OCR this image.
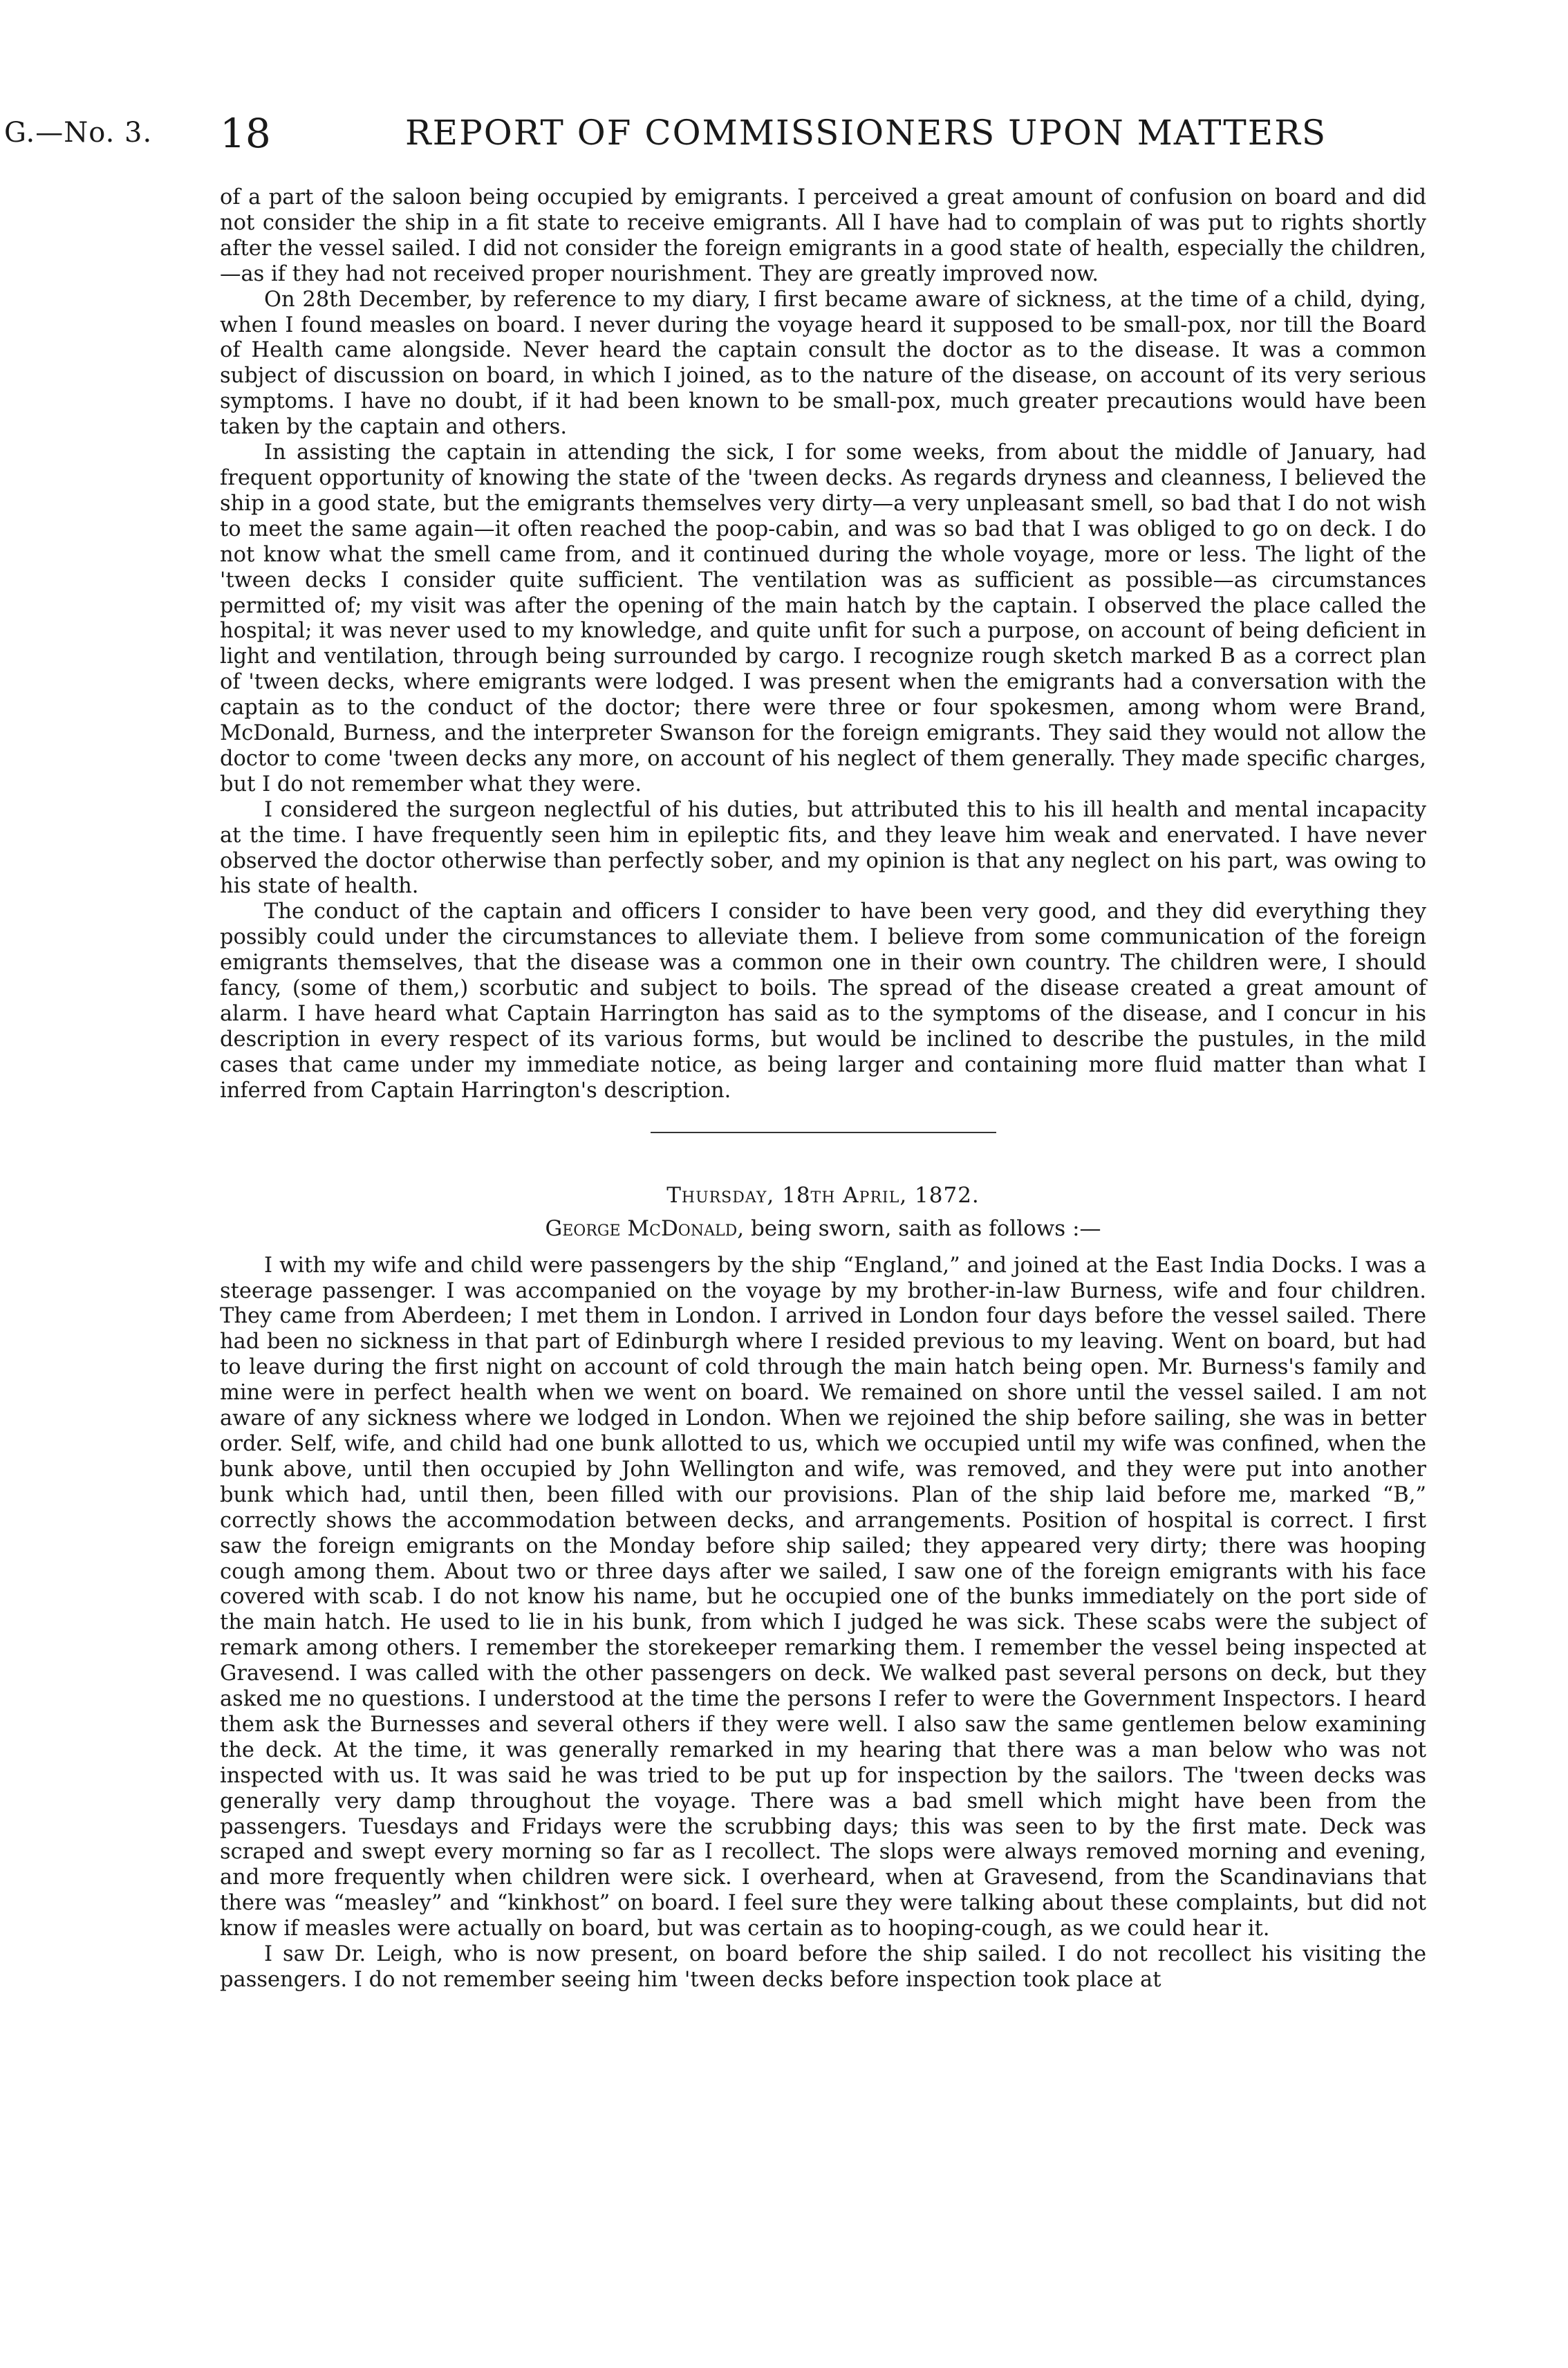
G.—No. 3. 18	REPORT OF COMMISSIONERS UPON MATTERS

of a part of the saloon being occupied by emigrants. I perceived a great amount of confusion on board and did not consider the ship in a fit state to receive emigrants. All I have had to complain of was put to rights shortly after the vessel sailed. I did not consider the foreign emigrants in a good state of health, especially the children,—as if they had not received proper nourishment. They are greatly improved now.

On 28th December, by reference to my diary, I first became aware of sickness, at the time of a child, dying, when I found measles on board. I never during the voyage heard it supposed to be small-pox, nor till the Board of Health came alongside. Never heard the captain consult the doctor as to the disease. It was a common subject of discussion on board, in which I joined, as to the nature of the disease, on account of its very serious symptoms. I have no doubt, if it had been known to be small-pox, much greater precautions would have been taken by the captain and others.

In assisting the captain in attending the sick, I for some weeks, from about the middle of January, had frequent opportunity of knowing the state of the 'tween decks. As regards dryness and cleanness, I believed the ship in a good state, but the emigrants themselves very dirty—a very unpleasant smell, so bad that I do not wish to meet the same again—it often reached the poop-cabin, and was so bad that I was obliged to go on deck. I do not know what the smell came from, and it continued during the whole voyage, more or less. The light of the 'tween decks I consider quite sufficient. The ventilation was as sufficient as possible—as circumstances permitted of; my visit was after the opening of the main hatch by the captain. I observed the place called the hospital; it was never used to my knowledge, and quite unfit for such a purpose, on account of being deficient in light and ventilation, through being surrounded by cargo. I recognize rough sketch marked B as a correct plan of 'tween decks, where emigrants were lodged. I was present when the emigrants had a conversation with the captain as to the conduct of the doctor; there were three or four spokesmen, among whom were Brand, McDonald, Burness, and the interpreter Swanson for the foreign emigrants. They said they would not allow the doctor to come 'tween decks any more, on account of his neglect of them generally. They made specific charges, but I do not remember what they were.

I considered the surgeon neglectful of his duties, but attributed this to his ill health and mental incapacity at the time. I have frequently seen him in epileptic fits, and they leave him weak and enervated. I have never observed the doctor otherwise than perfectly sober, and my opinion is that any neglect on his part, was owing to his state of health.

The conduct of the captain and officers I consider to have been very good, and they did everything they possibly could under the circumstances to alleviate them. I believe from some communication of the foreign emigrants themselves, that the disease was a common one in their own country. The children were, I should fancy, (some of them,) scorbutic and subject to boils. The spread of the disease created a great amount of alarm. I have heard what Captain Harrington has said as to the symptoms of the disease, and I concur in his description in every respect of its various forms, but would be inclined to describe the pustules, in the mild cases that came under my immediate notice, as being larger and containing more fluid matter than what I inferred from Captain Harrington's description.

Thursday, 18th April, 1872.

George McDonald, being sworn, saith as follows :—

I with my wife and child were passengers by the ship “England,” and joined at the East India Docks. I was a steerage passenger. I was accompanied on the voyage by my brother-in-law Burness, wife and four children. They came from Aberdeen; I met them in London. I arrived in London four days before the vessel sailed. There had been no sickness in that part of Edinburgh where I resided previous to my leaving. Went on board, but had to leave during the first night on account of cold through the main hatch being open. Mr. Burness's family and mine were in perfect health when we went on board. We remained on shore until the vessel sailed. I am not aware of any sickness where we lodged in London. When we rejoined the ship before sailing, she was in better order. Self, wife, and child had one bunk allotted to us, which we occupied until my wife was confined, when the bunk above, until then occupied by John Wellington and wife, was removed, and they were put into another bunk which had, until then, been filled with our provisions. Plan of the ship laid before me, marked “B,” correctly shows the accommodation between decks, and arrangements. Position of hospital is correct. I first saw the foreign emigrants on the Monday before ship sailed; they appeared very dirty; there was hooping cough among them. About two or three days after we sailed, I saw one of the foreign emigrants with his face covered with scab. I do not know his name, but he occupied one of the bunks immediately on the port side of the main hatch. He used to lie in his bunk, from which I judged he was sick. These scabs were the subject of remark among others. I remember the storekeeper remarking them. I remember the vessel being inspected at Gravesend. I was called with the other passengers on deck. We walked past several persons on deck, but they asked me no questions. I understood at the time the persons I refer to were the Government Inspectors. I heard them ask the Burnesses and several others if they were well. I also saw the same gentlemen below examining the deck. At the time, it was generally remarked in my hearing that there was a man below who was not inspected with us. It was said he was tried to be put up for inspection by the sailors. The 'tween decks was generally very damp throughout the voyage. There was a bad smell which might have been from the passengers. Tuesdays and Fridays were the scrubbing days; this was seen to by the first mate. Deck was scraped and swept every morning so far as I recollect. The slops were always removed morning and evening, and more frequently when children were sick. I overheard, when at Gravesend, from the Scandinavians that there was “measley” and “kinkhost” on board. I feel sure they were talking about these complaints, but did not know if measles were actually on board, but was certain as to hooping-cough, as we could hear it.

I saw Dr. Leigh, who is now present, on board before the ship sailed. I do not recollect his visiting the passengers. I do not remember seeing him 'tween decks before inspection took place at
